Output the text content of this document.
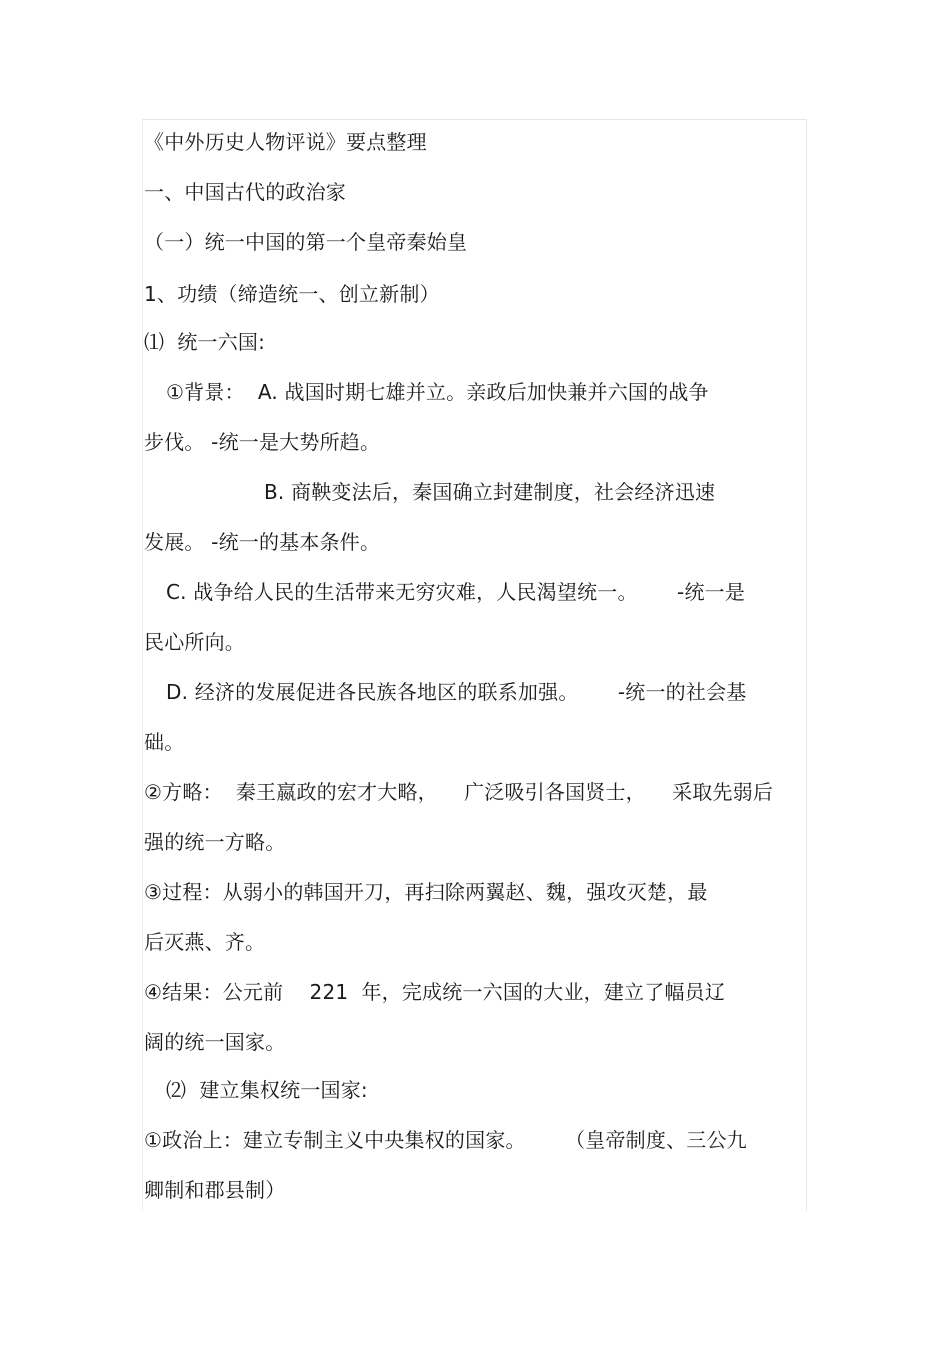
《中外历史人物评说》要点整理
一、中国古代的政治家
（一）统一中国的第一个皇帝秦始皇
1、功绩（缔造统一、创立新制）
⑴  统一六国:
①背景：  A. 战国时期七雄并立。亲政后加快兼并六国的战争
步伐。 -统一是大势所趋。
B. 商鞅变法后，秦国确立封建制度，社会经济迅速
发展。 -统一的基本条件。
C. 战争给人民的生活带来无穷灾难，人民渴望统一。      -统一是
民心所向。
D. 经济的发展促进各民族各地区的联系加强。      -统一的社会基
础。
②方略：  秦王嬴政的宏才大略，    广泛吸引各国贤士，    采取先弱后
强的统一方略。
③过程：从弱小的韩国开刀，再扫除两翼赵、魏，强攻灭楚，最
后灭燕、齐。
④结果：公元前    221  年，完成统一六国的大业，建立了幅员辽
阔的统一国家。
⑵  建立集权统一国家:
①政治上：建立专制主义中央集权的国家。      （皇帝制度、三公九
卿制和郡县制）
